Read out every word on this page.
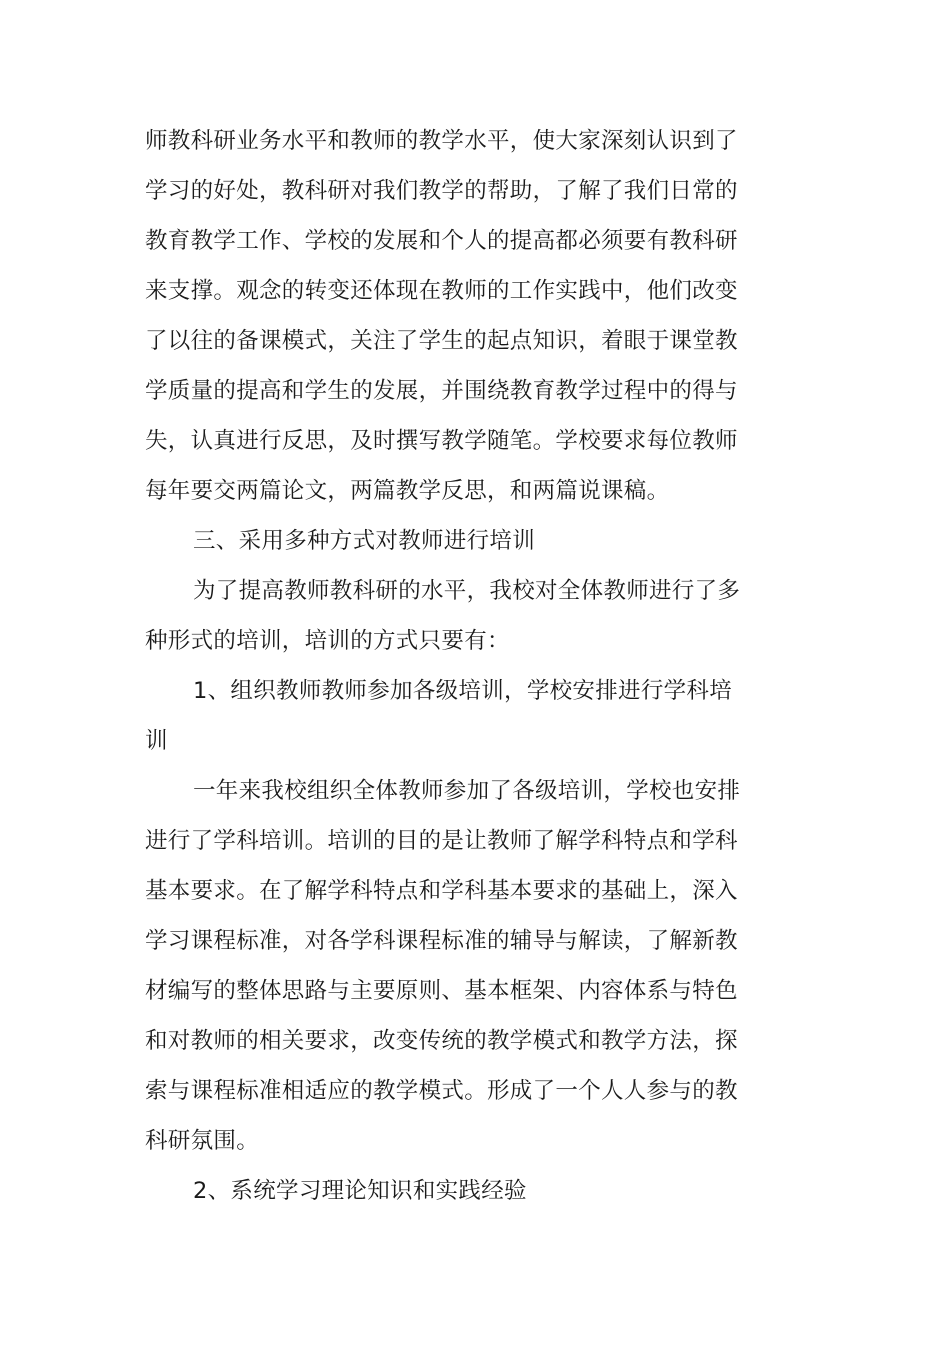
师教科研业务水平和教师的教学水平，使大家深刻认识到了
学习的好处，教科研对我们教学的帮助，了解了我们日常的
教育教学工作、学校的发展和个人的提高都必须要有教科研
来支撑。观念的转变还体现在教师的工作实践中，他们改变
了以往的备课模式，关注了学生的起点知识，着眼于课堂教
学质量的提高和学生的发展，并围绕教育教学过程中的得与
失，认真进行反思，及时撰写教学随笔。学校要求每位教师
每年要交两篇论文，两篇教学反思，和两篇说课稿。
三、采用多种方式对教师进行培训
为了提高教师教科研的水平，我校对全体教师进行了多
种形式的培训，培训的方式只要有：
1、组织教师教师参加各级培训，学校安排进行学科培
训
一年来我校组织全体教师参加了各级培训，学校也安排
进行了学科培训。培训的目的是让教师了解学科特点和学科
基本要求。在了解学科特点和学科基本要求的基础上，深入
学习课程标准，对各学科课程标准的辅导与解读，了解新教
材编写的整体思路与主要原则、基本框架、内容体系与特色
和对教师的相关要求，改变传统的教学模式和教学方法，探
索与课程标准相适应的教学模式。形成了一个人人参与的教
科研氛围。
2、系统学习理论知识和实践经验
